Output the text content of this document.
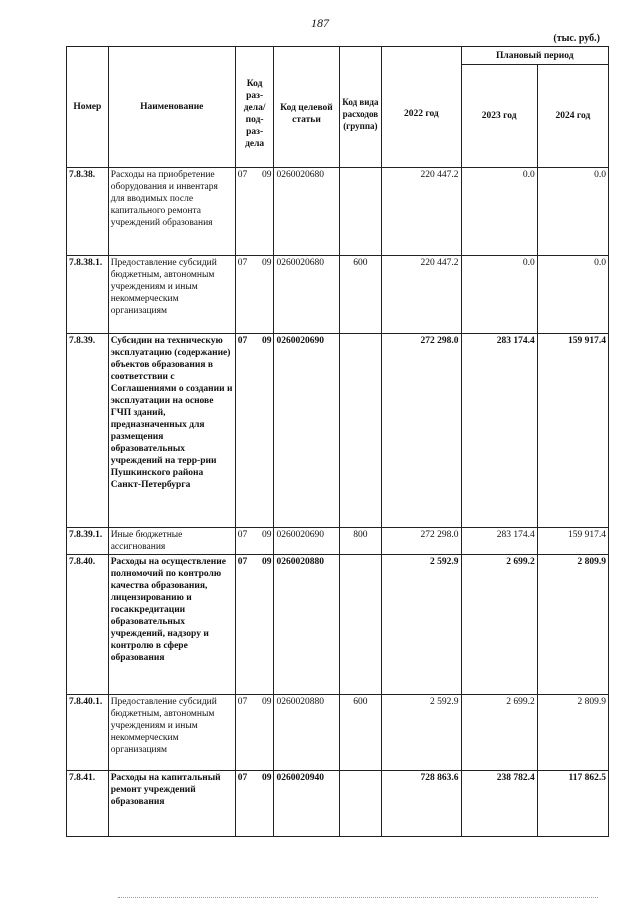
187
(тыс. руб.)
Номер	Наименование	Код раз-дела/ под-раз-дела	Код целевой статьи	Код вида расходов (группа)	2022 год	Плановый период	
						2023 год	2024 год
7.8.38.	Расходы на приобретение оборудования и инвентаря для вводимых после капитального ремонта учреждений образования	07 09	0260020680		220 447.2	0.0	0.0
7.8.38.1.	Предоставление субсидий бюджетным, автономным учреждениям и иным некоммерческим организациям	07 09	0260020680	600	220 447.2	0.0	0.0
7.8.39.	Субсидии на техническую эксплуатацию (содержание) объектов образования в соответствии с Соглашениями о создании и эксплуатации на основе ГЧП зданий, предназначенных для размещения образовательных учреждений на терр-рии Пушкинского района Санкт-Петербурга	07 09	0260020690		272 298.0	283 174.4	159 917.4
7.8.39.1.	Иные бюджетные ассигнования	07 09	0260020690	800	272 298.0	283 174.4	159 917.4
7.8.40.	Расходы на осуществление полномочий по контролю качества образования, лицензированию и госаккредитации образовательных учреждений, надзору и контролю в сфере образования	07 09	0260020880		2 592.9	2 699.2	2 809.9
7.8.40.1.	Предоставление субсидий бюджетным, автономным учреждениям и иным некоммерческим организациям	07 09	0260020880	600	2 592.9	2 699.2	2 809.9
7.8.41.	Расходы на капитальный ремонт учреждений образования	07 09	0260020940		728 863.6	238 782.4	117 862.5
